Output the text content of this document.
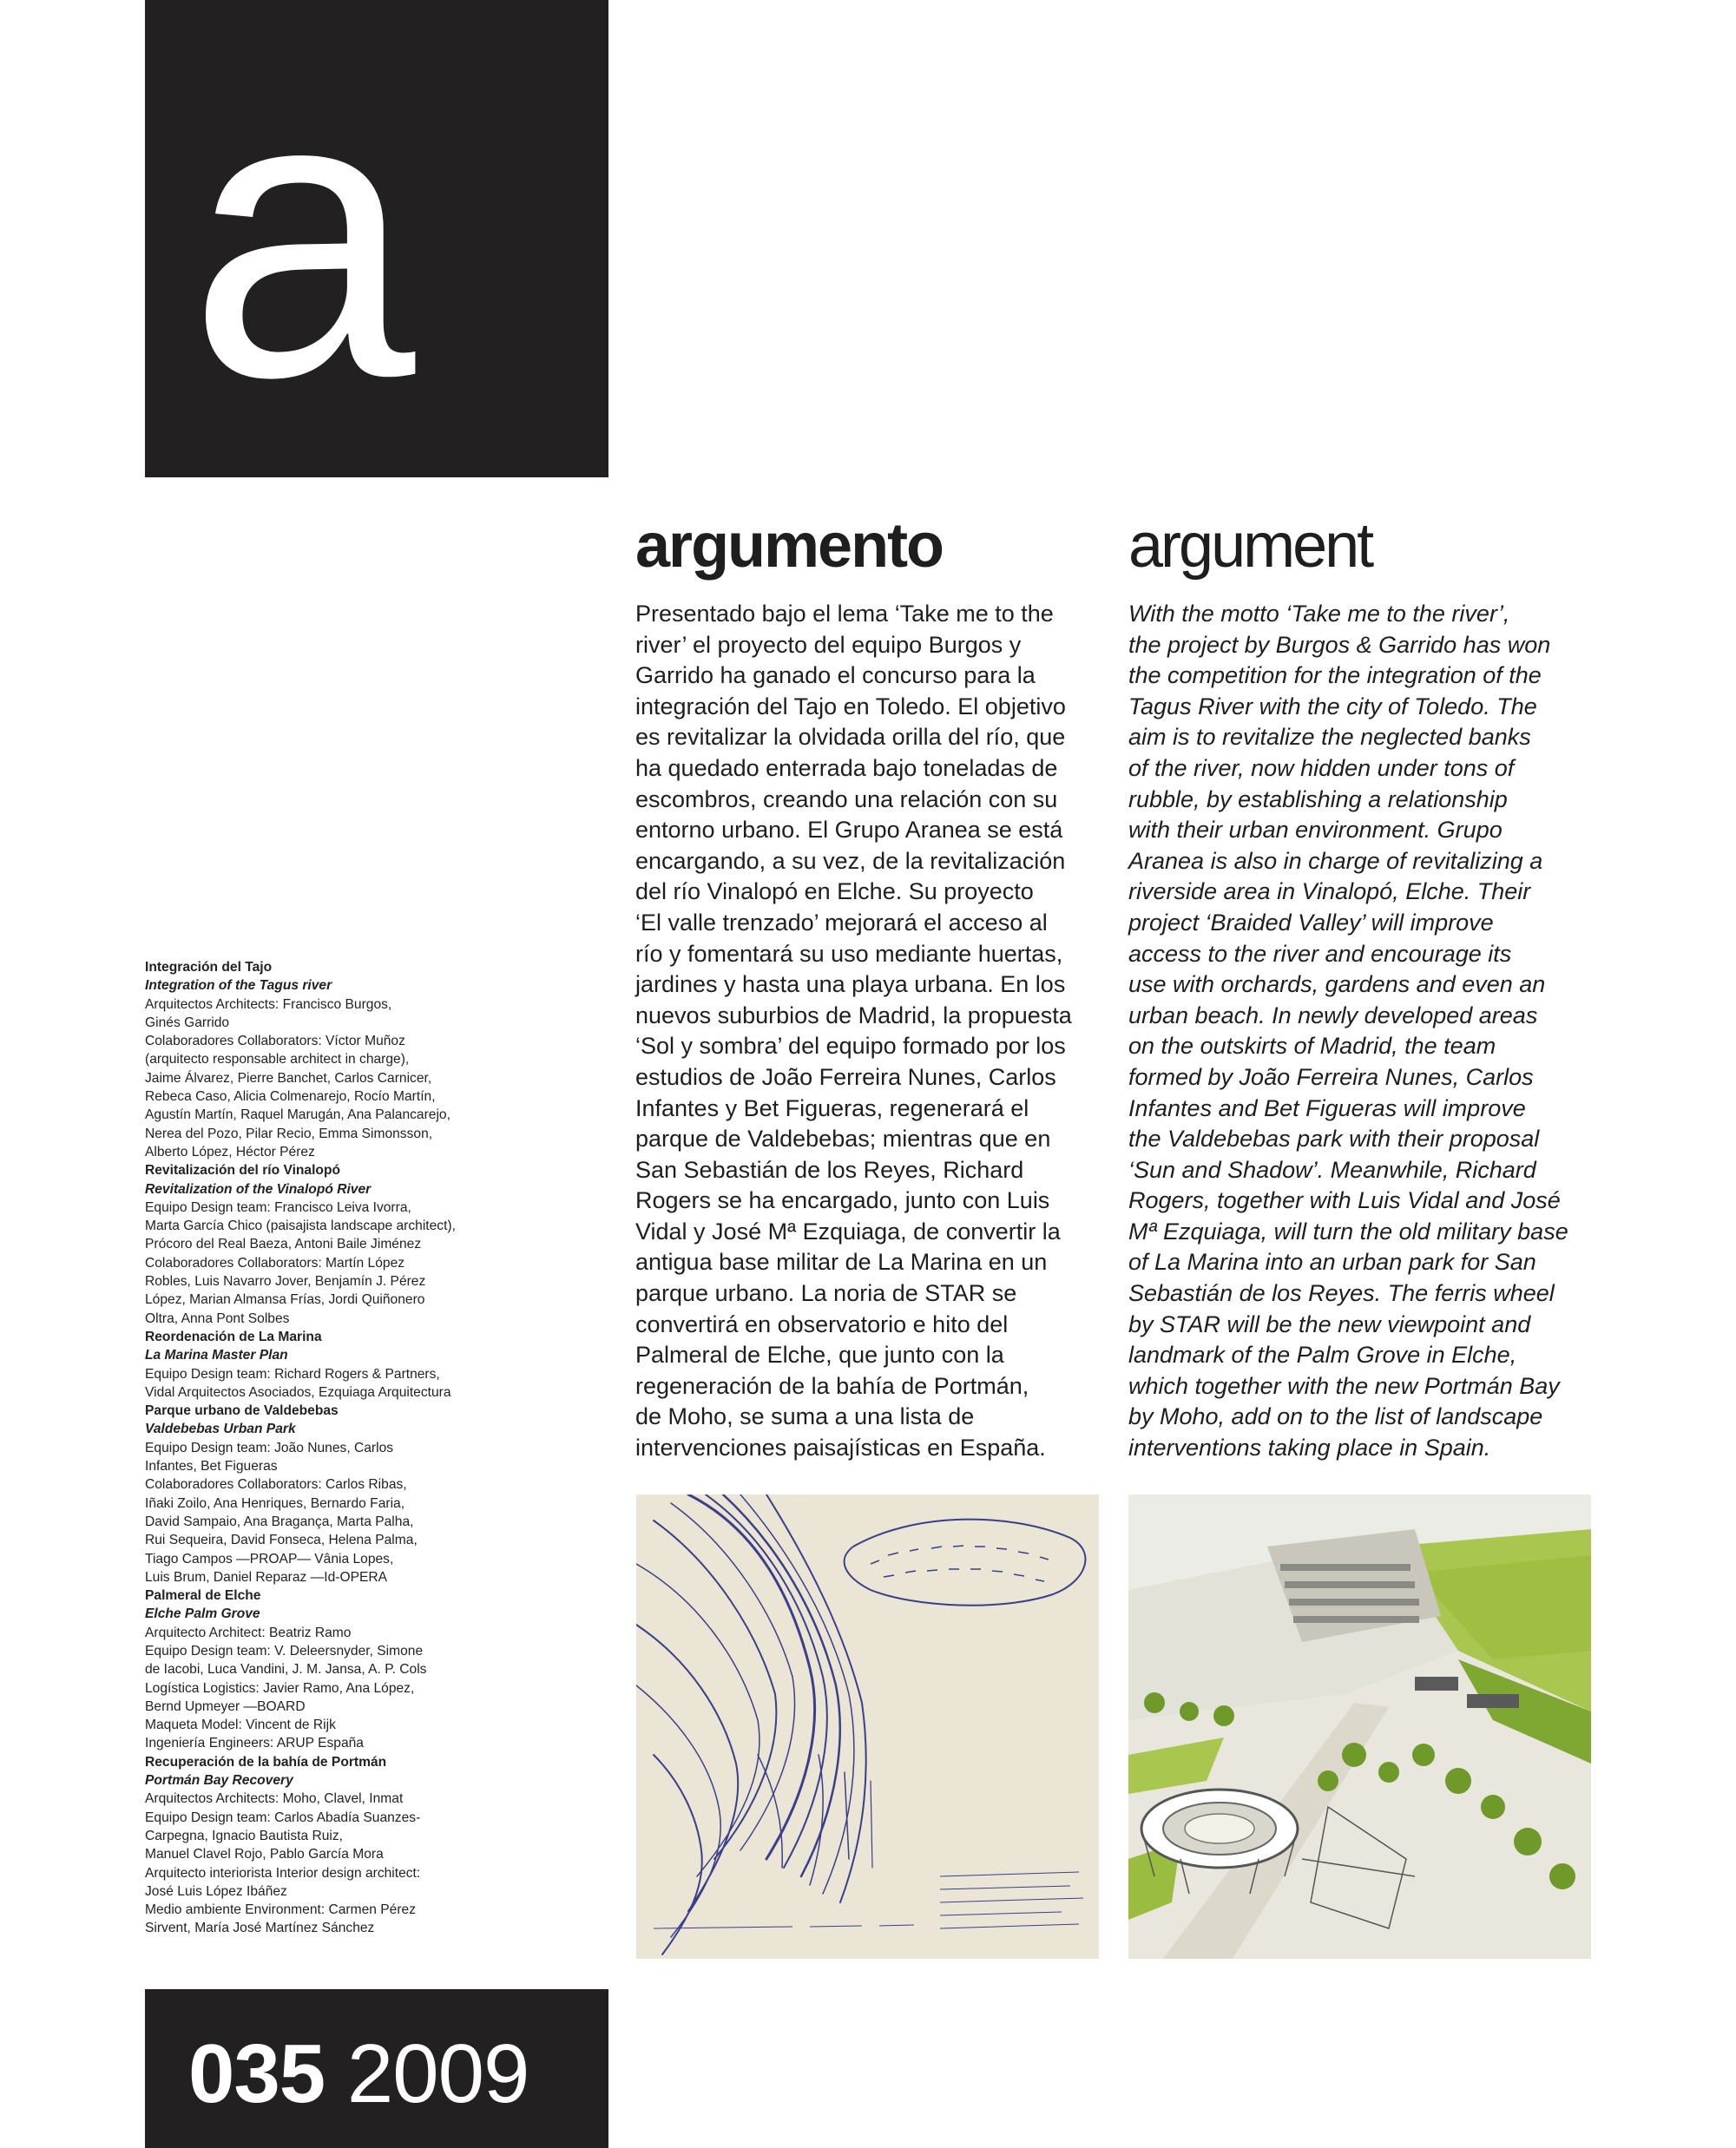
a
argumento	argument
Presentado bajo el lema ‘Take me to the
river’ el proyecto del equipo Burgos y
Garrido ha ganado el concurso para la
integración del Tajo en Toledo. El objetivo
es revitalizar la olvidada orilla del río, que
ha quedado enterrada bajo toneladas de
escombros, creando una relación con su
entorno urbano. El Grupo Aranea se está
encargando, a su vez, de la revitalización
del río Vinalopó en Elche. Su proyecto
‘El valle trenzado’ mejorará el acceso al
río y fomentará su uso mediante huertas,
jardines y hasta una playa urbana. En los
nuevos suburbios de Madrid, la propuesta
‘Sol y sombra’ del equipo formado por los
estudios de João Ferreira Nunes, Carlos
Infantes y Bet Figueras, regenerará el
parque de Valdebebas; mientras que en
San Sebastián de los Reyes, Richard
Rogers se ha encargado, junto con Luis
Vidal y José Mª Ezquiaga, de convertir la
antigua base militar de La Marina en un
parque urbano. La noria de STAR se
convertirá en observatorio e hito del
Palmeral de Elche, que junto con la
regeneración de la bahía de Portmán,
de Moho, se suma a una lista de
intervenciones paisajísticas en España.
With the motto ‘Take me to the river’,
the project by Burgos & Garrido has won
the competition for the integration of the
Tagus River with the city of Toledo. The
aim is to revitalize the neglected banks
of the river, now hidden under tons of
rubble, by establishing a relationship
with their urban environment. Grupo
Aranea is also in charge of revitalizing a
riverside area in Vinalopó, Elche. Their
project ‘Braided Valley’ will improve
access to the river and encourage its
use with orchards, gardens and even an
urban beach. In newly developed areas
on the outskirts of Madrid, the team
formed by João Ferreira Nunes, Carlos
Infantes and Bet Figueras will improve
the Valdebebas park with their proposal
‘Sun and Shadow’. Meanwhile, Richard
Rogers, together with Luis Vidal and José
Mª Ezquiaga, will turn the old military base
of La Marina into an urban park for San
Sebastián de los Reyes. The ferris wheel
by STAR will be the new viewpoint and
landmark of the Palm Grove in Elche,
which together with the new Portmán Bay
by Moho, add on to the list of landscape
interventions taking place in Spain.
Integración del Tajo
Integration of the Tagus river
Arquitectos Architects: Francisco Burgos,
Ginés Garrido
Colaboradores Collaborators: Víctor Muñoz
(arquitecto responsable architect in charge),
Jaime Álvarez, Pierre Banchet, Carlos Carnicer,
Rebeca Caso, Alicia Colmenarejo, Rocío Martín,
Agustín Martín, Raquel Marugán, Ana Palancarejo,
Nerea del Pozo, Pilar Recio, Emma Simonsson,
Alberto López, Héctor Pérez
Revitalización del río Vinalopó
Revitalization of the Vinalopó River
Equipo Design team: Francisco Leiva Ivorra,
Marta García Chico (paisajista landscape architect),
Prócoro del Real Baeza, Antoni Baile Jiménez
Colaboradores Collaborators: Martín López
Robles, Luis Navarro Jover, Benjamín J. Pérez
López, Marian Almansa Frías, Jordi Quiñonero
Oltra, Anna Pont Solbes
Reordenación de La Marina
La Marina Master Plan
Equipo Design team: Richard Rogers & Partners,
Vidal Arquitectos Asociados, Ezquiaga Arquitectura
Parque urbano de Valdebebas
Valdebebas Urban Park
Equipo Design team: João Nunes, Carlos
Infantes, Bet Figueras
Colaboradores Collaborators: Carlos Ribas,
Iñaki Zoilo, Ana Henriques, Bernardo Faria,
David Sampaio, Ana Bragança, Marta Palha,
Rui Sequeira, David Fonseca, Helena Palma,
Tiago Campos —PROAP— Vânia Lopes,
Luis Brum, Daniel Reparaz —Id-OPERA
Palmeral de Elche
Elche Palm Grove
Arquitecto Architect: Beatriz Ramo
Equipo Design team: V. Deleersnyder, Simone
de Iacobi, Luca Vandini, J. M. Jansa, A. P. Cols
Logística Logistics: Javier Ramo, Ana López,
Bernd Upmeyer —BOARD
Maqueta Model: Vincent de Rijk
Ingeniería Engineers: ARUP España
Recuperación de la bahía de Portmán
Portmán Bay Recovery
Arquitectos Architects: Moho, Clavel, Inmat
Equipo Design team: Carlos Abadía Suanzes-
Carpegna, Ignacio Bautista Ruiz,
Manuel Clavel Rojo, Pablo García Mora
Arquitecto interiorista Interior design architect:
José Luis López Ibáñez
Medio ambiente Environment: Carmen Pérez
Sirvent, María José Martínez Sánchez
035 2009
